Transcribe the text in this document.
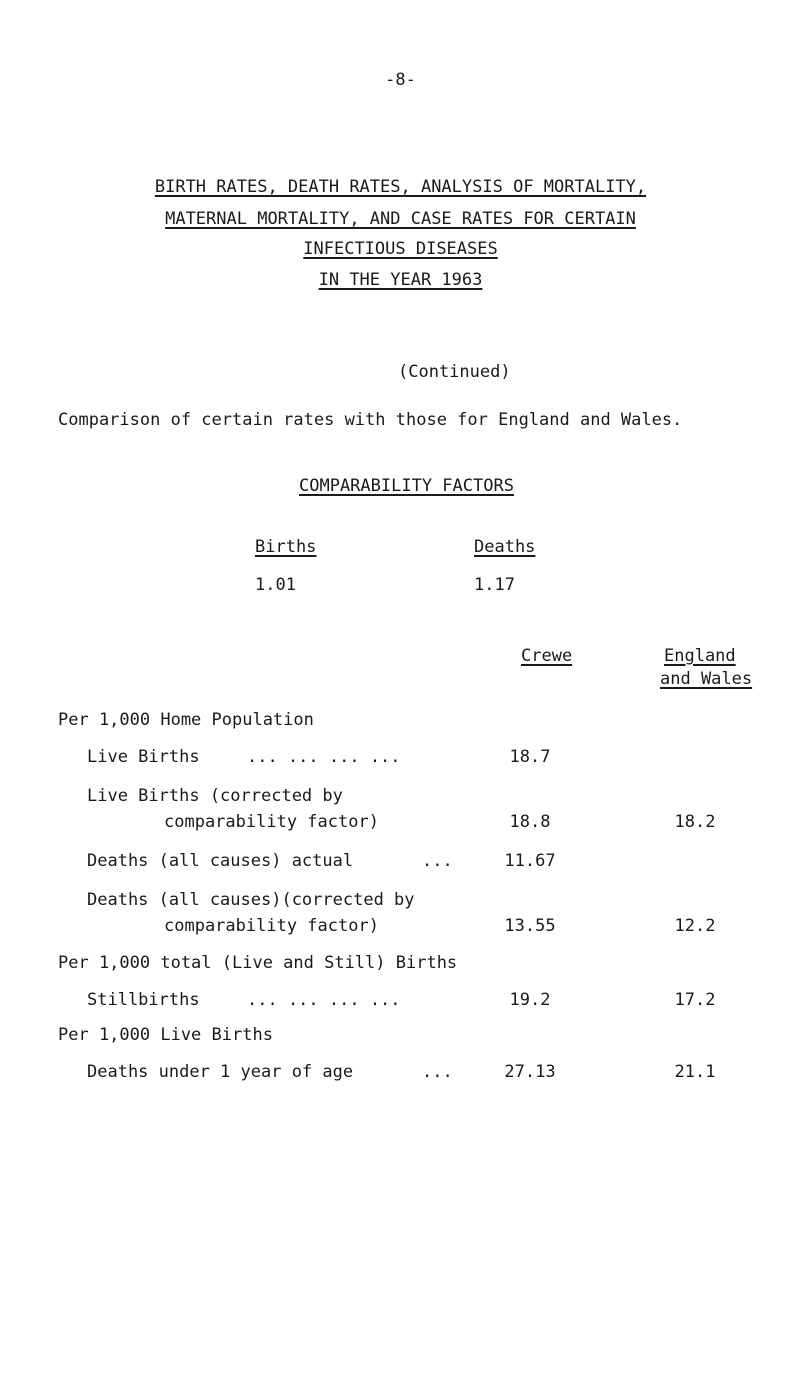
-8-
BIRTH RATES, DEATH RATES, ANALYSIS OF MORTALITY,
MATERNAL MORTALITY, AND CASE RATES FOR CERTAIN
INFECTIOUS DISEASES
IN THE YEAR 1963
(Continued)
Comparison of certain rates with those for England and Wales.
COMPARABILITY FACTORS
Births	Deaths
1.01	1.17
Crewe	England
and Wales
Per 1,000 Home Population
Live Births	... ... ... ...	18.7
Live Births (corrected by
comparability factor)	18.8	18.2
Deaths (all causes) actual	...	11.67
Deaths (all causes)(corrected by
comparability factor)	13.55	12.2
Per 1,000 total (Live and Still) Births
Stillbirths	... ... ... ...	19.2	17.2
Per 1,000 Live Births
Deaths under 1 year of age	...	27.13	21.1
